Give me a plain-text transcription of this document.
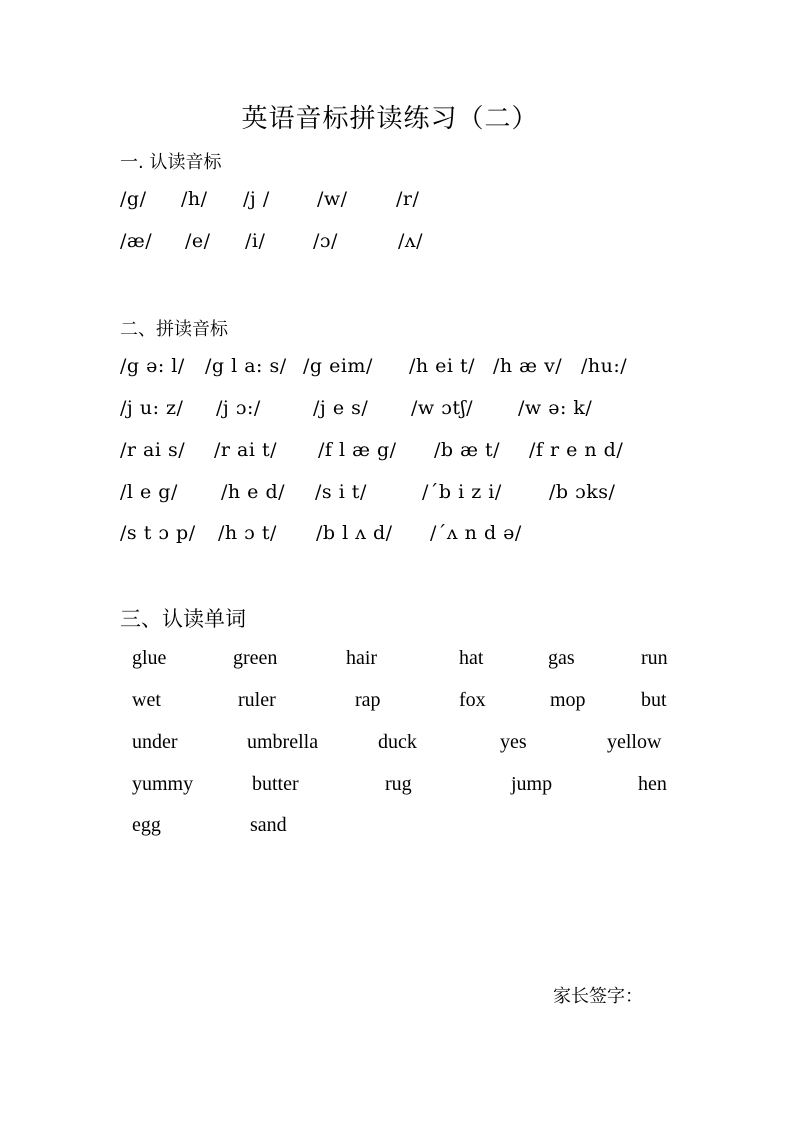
英语音标拼读练习（二）
一. 认读音标
/g/ /h/ /j / /w/	/r/
/æ/ /e/ /i/	/ɔ/	/ʌ/
二、拼读音标
/g ə: l/ /g l a: s/ /g eim/ /h ei t/ /h æ v/ /hu:/
/j u: z/ /j ɔ:/	/j e s/ /w ɔtʃ/ /w ə: k/
/r ai s/ /r ai t/ /f l æ g/ /b æ t/ /f r e n d/
/l e g/ /h e d/ /s i t/	/ˊb i z i/ /b ɔks/
/s t ɔ p/ /h ɔ t/ /b l ʌ d/ /ˊʌ n d ə/
三、认读单词
glue	green	hair	hat	gas	run
wet	ruler	rap	fox	mop	but
under	umbrella	duck	yes	yellow
yummy	butter	rug	jump	hen
egg	sand
家长签字：
